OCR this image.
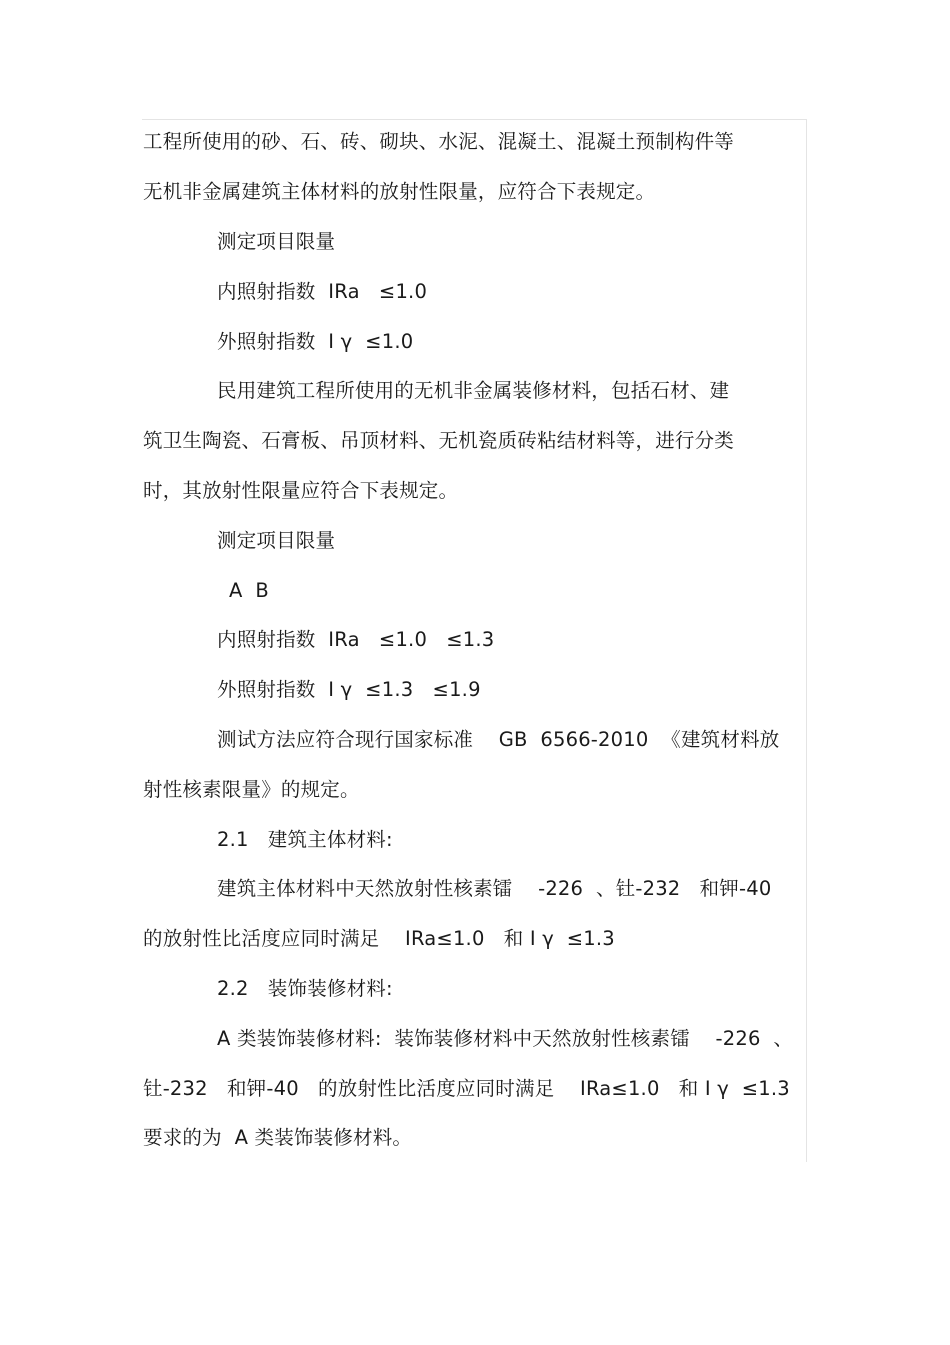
工程所使用的砂、石、砖、砌块、水泥、混凝土、混凝土预制构件等
无机非金属建筑主体材料的放射性限量，应符合下表规定。
测定项目限量
内照射指数  IRa   ≤1.0
外照射指数  I γ  ≤1.0
民用建筑工程所使用的无机非金属装修材料，包括石材、建
筑卫生陶瓷、石膏板、吊顶材料、无机瓷质砖粘结材料等，进行分类
时，其放射性限量应符合下表规定。
测定项目限量
A  B
内照射指数  IRa   ≤1.0   ≤1.3
外照射指数  I γ  ≤1.3   ≤1.9
测试方法应符合现行国家标准    GB  6566-2010  《建筑材料放
射性核素限量》的规定。
2.1   建筑主体材料:
建筑主体材料中天然放射性核素镭    -226  、钍-232   和钾-40
的放射性比活度应同时满足    IRa≤1.0   和 I γ  ≤1.3
2.2   装饰装修材料:
A 类装饰装修材料:  装饰装修材料中天然放射性核素镭    -226  、
钍-232   和钾-40   的放射性比活度应同时满足    IRa≤1.0   和 I γ  ≤1.3
要求的为  A 类装饰装修材料。
